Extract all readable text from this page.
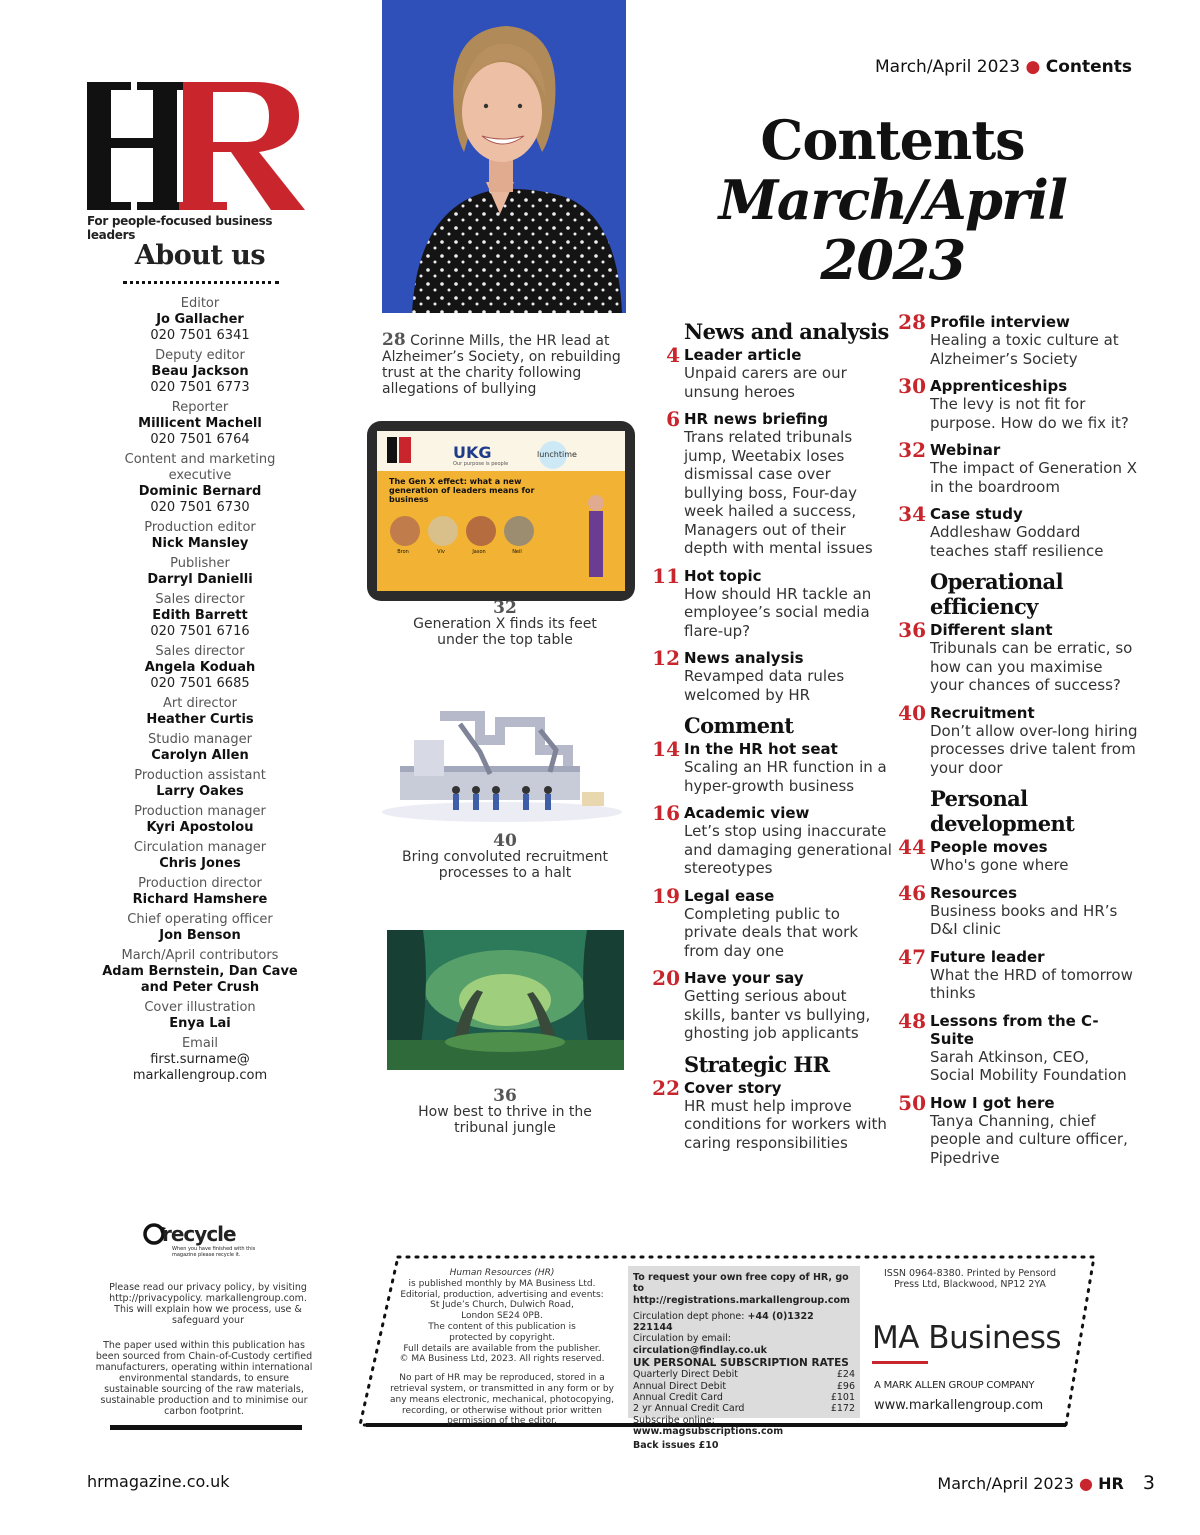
March/April 2023 ● Contents
For people-focused business leaders
About us
Editor
Jo Gallacher
020 7501 6341
Deputy editor
Beau Jackson
020 7501 6773
Reporter
Millicent Machell
020 7501 6764
Content and marketing executive
Dominic Bernard
020 7501 6730
Production editor
Nick Mansley
Publisher
Darryl Danielli
Sales director
Edith Barrett
020 7501 6716
Sales director
Angela Koduah
020 7501 6685
Art director
Heather Curtis
Studio manager
Carolyn Allen
Production assistant
Larry Oakes
Production manager
Kyri Apostolou
Circulation manager
Chris Jones
Production director
Richard Hamshere
Chief operating officer
Jon Benson
March/April contributors
Adam Bernstein, Dan Cave and Peter Crush
Cover illustration
Enya Lai
Email
first.surname@ markallengroup.com
recycle
When you have finished with this magazine please recycle it.
Please read our privacy policy, by visiting http://privacypolicy. markallengroup.com. This will explain how we process, use & safeguard your
The paper used within this publication has been sourced from Chain-of-Custody certified manufacturers, operating within international environmental standards, to ensure sustainable sourcing of the raw materials, sustainable production and to minimise our carbon footprint.
28 Corinne Mills, the HR lead at Alzheimer’s Society, on rebuilding trust at the charity following allegations of bullying
UKG
Our purpose is people
lunchtime
The Gen X effect: what a new generation of leaders means for business
Bron	Viv	Jason	Neil
32
Generation X finds its feet under the top table
40
Bring convoluted recruitment processes to a halt
36
How best to thrive in the tribunal jungle
Contents
March/April
2023
News and analysis
4 Leader article
Unpaid carers are our unsung heroes
6 HR news briefing
Trans related tribunals jump, Weetabix loses dismissal case over bullying boss, Four-day week hailed a success, Managers out of their depth with mental issues
11 Hot topic
How should HR tackle an employee’s social media flare-up?
12 News analysis
Revamped data rules welcomed by HR
Comment
14 In the HR hot seat
Scaling an HR function in a hyper-growth business
16 Academic view
Let’s stop using inaccurate and damaging generational stereotypes
19 Legal ease
Completing public to private deals that work from day one
20 Have your say
Getting serious about skills, banter vs bullying, ghosting job applicants
Strategic HR
22 Cover story
HR must help improve conditions for workers with caring responsibilities
28 Profile interview
Healing a toxic culture at Alzheimer’s Society
30 Apprenticeships
The levy is not fit for purpose. How do we fix it?
32 Webinar
The impact of Generation X in the boardroom
34 Case study
Addleshaw Goddard teaches staff resilience
Operational efficiency
36 Different slant
Tribunals can be erratic, so how can you maximise your chances of success?
40 Recruitment
Don’t allow over-long hiring processes drive talent from your door
Personal development
44 People moves
Who's gone where
46 Resources
Business books and HR’s D&I clinic
47 Future leader
What the HRD of tomorrow thinks
48 Lessons from the C-Suite
Sarah Atkinson, CEO, Social Mobility Foundation
50 How I got here
Tanya Channing, chief people and culture officer, Pipedrive
Human Resources (HR)
is published monthly by MA Business Ltd.
Editorial, production, advertising and events:
St Jude’s Church, Dulwich Road,
London SE24 0PB.
The content of this publication is
protected by copyright.
Full details are available from the publisher.
© MA Business Ltd, 2023. All rights reserved.
No part of HR may be reproduced, stored in a retrieval system, or transmitted in any form or by any means electronic, mechanical, photocopying, recording, or otherwise without prior written permission of the editor.
To request your own free copy of HR, go to http://registrations.markallengroup.com
Circulation dept phone: +44 (0)1322 221144
Circulation by email: circulation@findlay.co.uk
UK PERSONAL SUBSCRIPTION RATES
Quarterly Direct Debit	£24
Annual Direct Debit	£96
Annual Credit Card	£101
2 yr Annual Credit Card	£172
Subscribe online: www.magsubscriptions.com
Back issues £10
ISSN 0964-8380. Printed by Pensord Press Ltd, Blackwood, NP12 2YA
MA Business
A MARK ALLEN GROUP COMPANY
www.markallengroup.com
hrmagazine.co.uk	March/April 2023 ● HR 3
